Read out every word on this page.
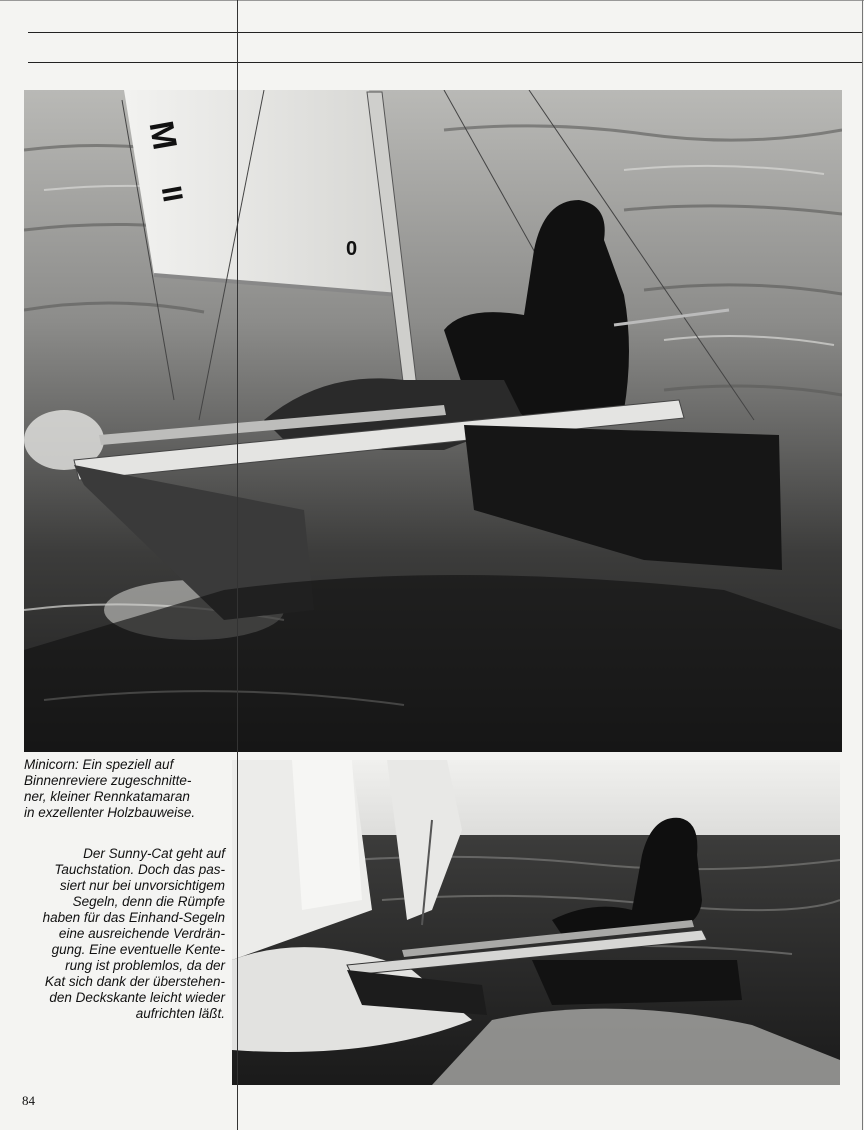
M
II
0
Minicorn: Ein speziell auf
Binnenreviere zugeschnitte-
ner, kleiner Rennkatamaran
in exzellenter Holzbauweise.
Der Sunny-Cat geht auf
Tauchstation. Doch das pas-
siert nur bei unvorsichtigem
Segeln, denn die Rümpfe
haben für das Einhand-Segeln
eine ausreichende Verdrän-
gung. Eine eventuelle Kente-
rung ist problemlos, da der
Kat sich dank der überstehen-
den Deckskante leicht wieder
aufrichten läßt.
84
